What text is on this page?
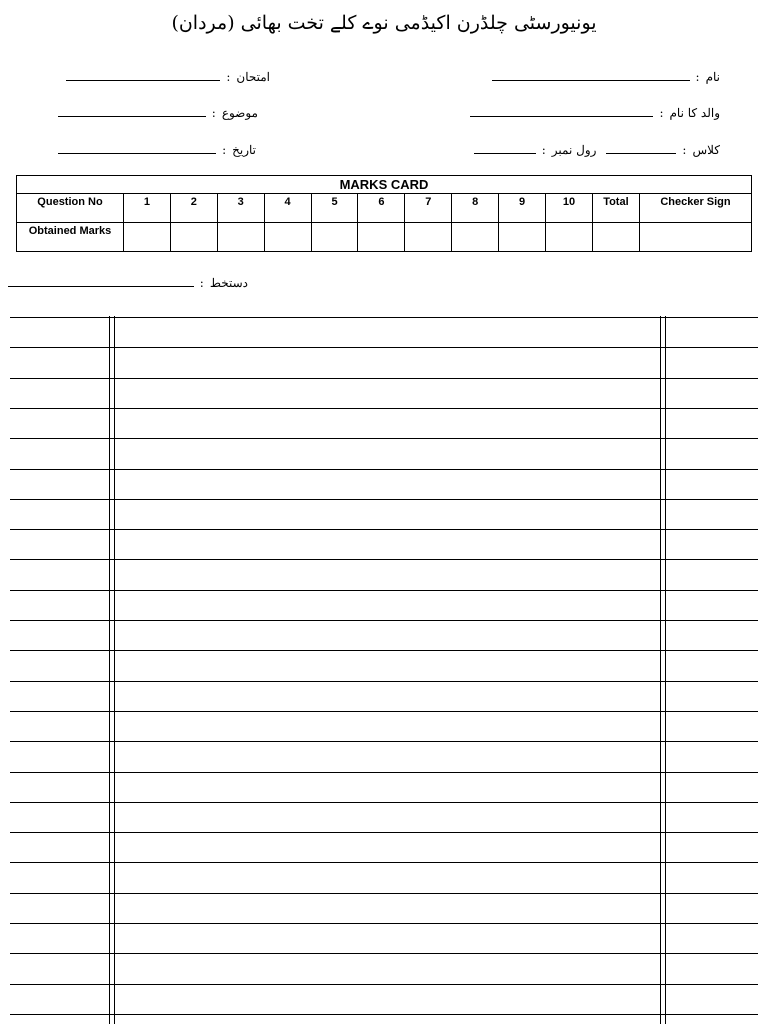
یونیورسٹی چلڈرن اکیڈمی نوے کلے تخت بھائی (مردان)
نام
:
والد کا نام
:
کلاس
:
رول نمبر
:
امتحان
:
موضوع
:
تاریخ
:
MARKS CARD												
Question No	1	2	3	4	5	6	7	8	9	10	Total	Checker Sign
Obtained Marks												
دستخط
:
